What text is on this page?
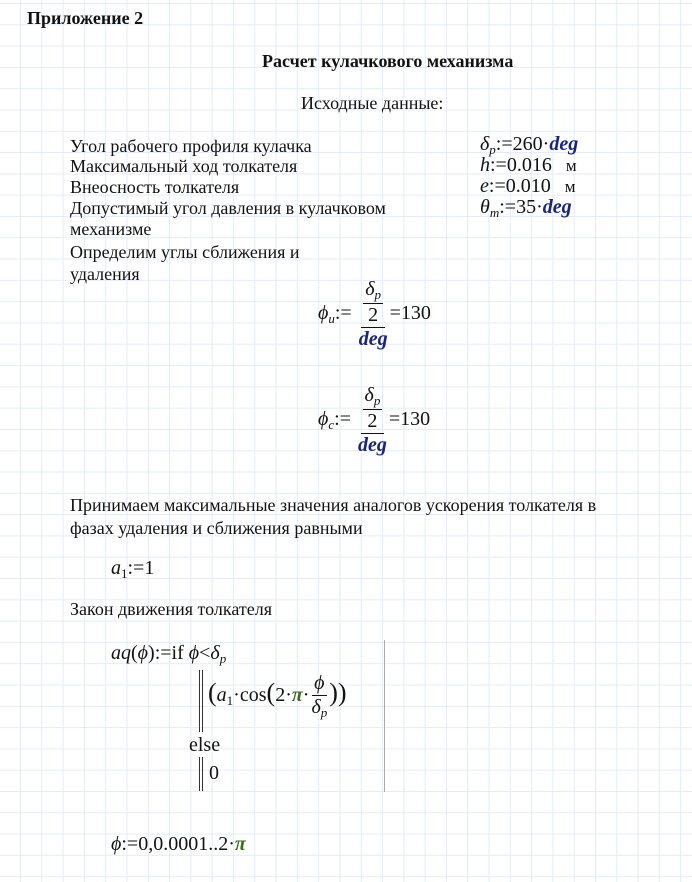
Приложение 2
Расчет кулачкового механизма
Исходные данные:
Угол рабочего профиля кулачка
Максимальный ход толкателя
Внеосность толкателя
Допустимый угол давления в кулачковом
механизме
$\delta_p:=260\cdot deg$
h:=0.016 м
e:=0.010 м
$\theta_m:=35\cdot deg$
Определим углы сближения и
удаления
$\phi_u:= \frac{\frac{\delta_p}{2}}{\text{deg}} =130$
$\phi_c:= \frac{\frac{\delta_p}{2}}{\text{deg}} =130$
Принимаем максимальные значения аналогов ускорения толкателя в
фазах удаления и сближения равными
$a_1:=1$
Закон движения толкателя
aq(ϕ):=if $\phi<\delta_p$
($a_1\cdot\cos(2\cdot\pi\cdot \frac{\phi}{\delta_p}$ ))
else
0
ϕ:=0,0.0001..2·π
